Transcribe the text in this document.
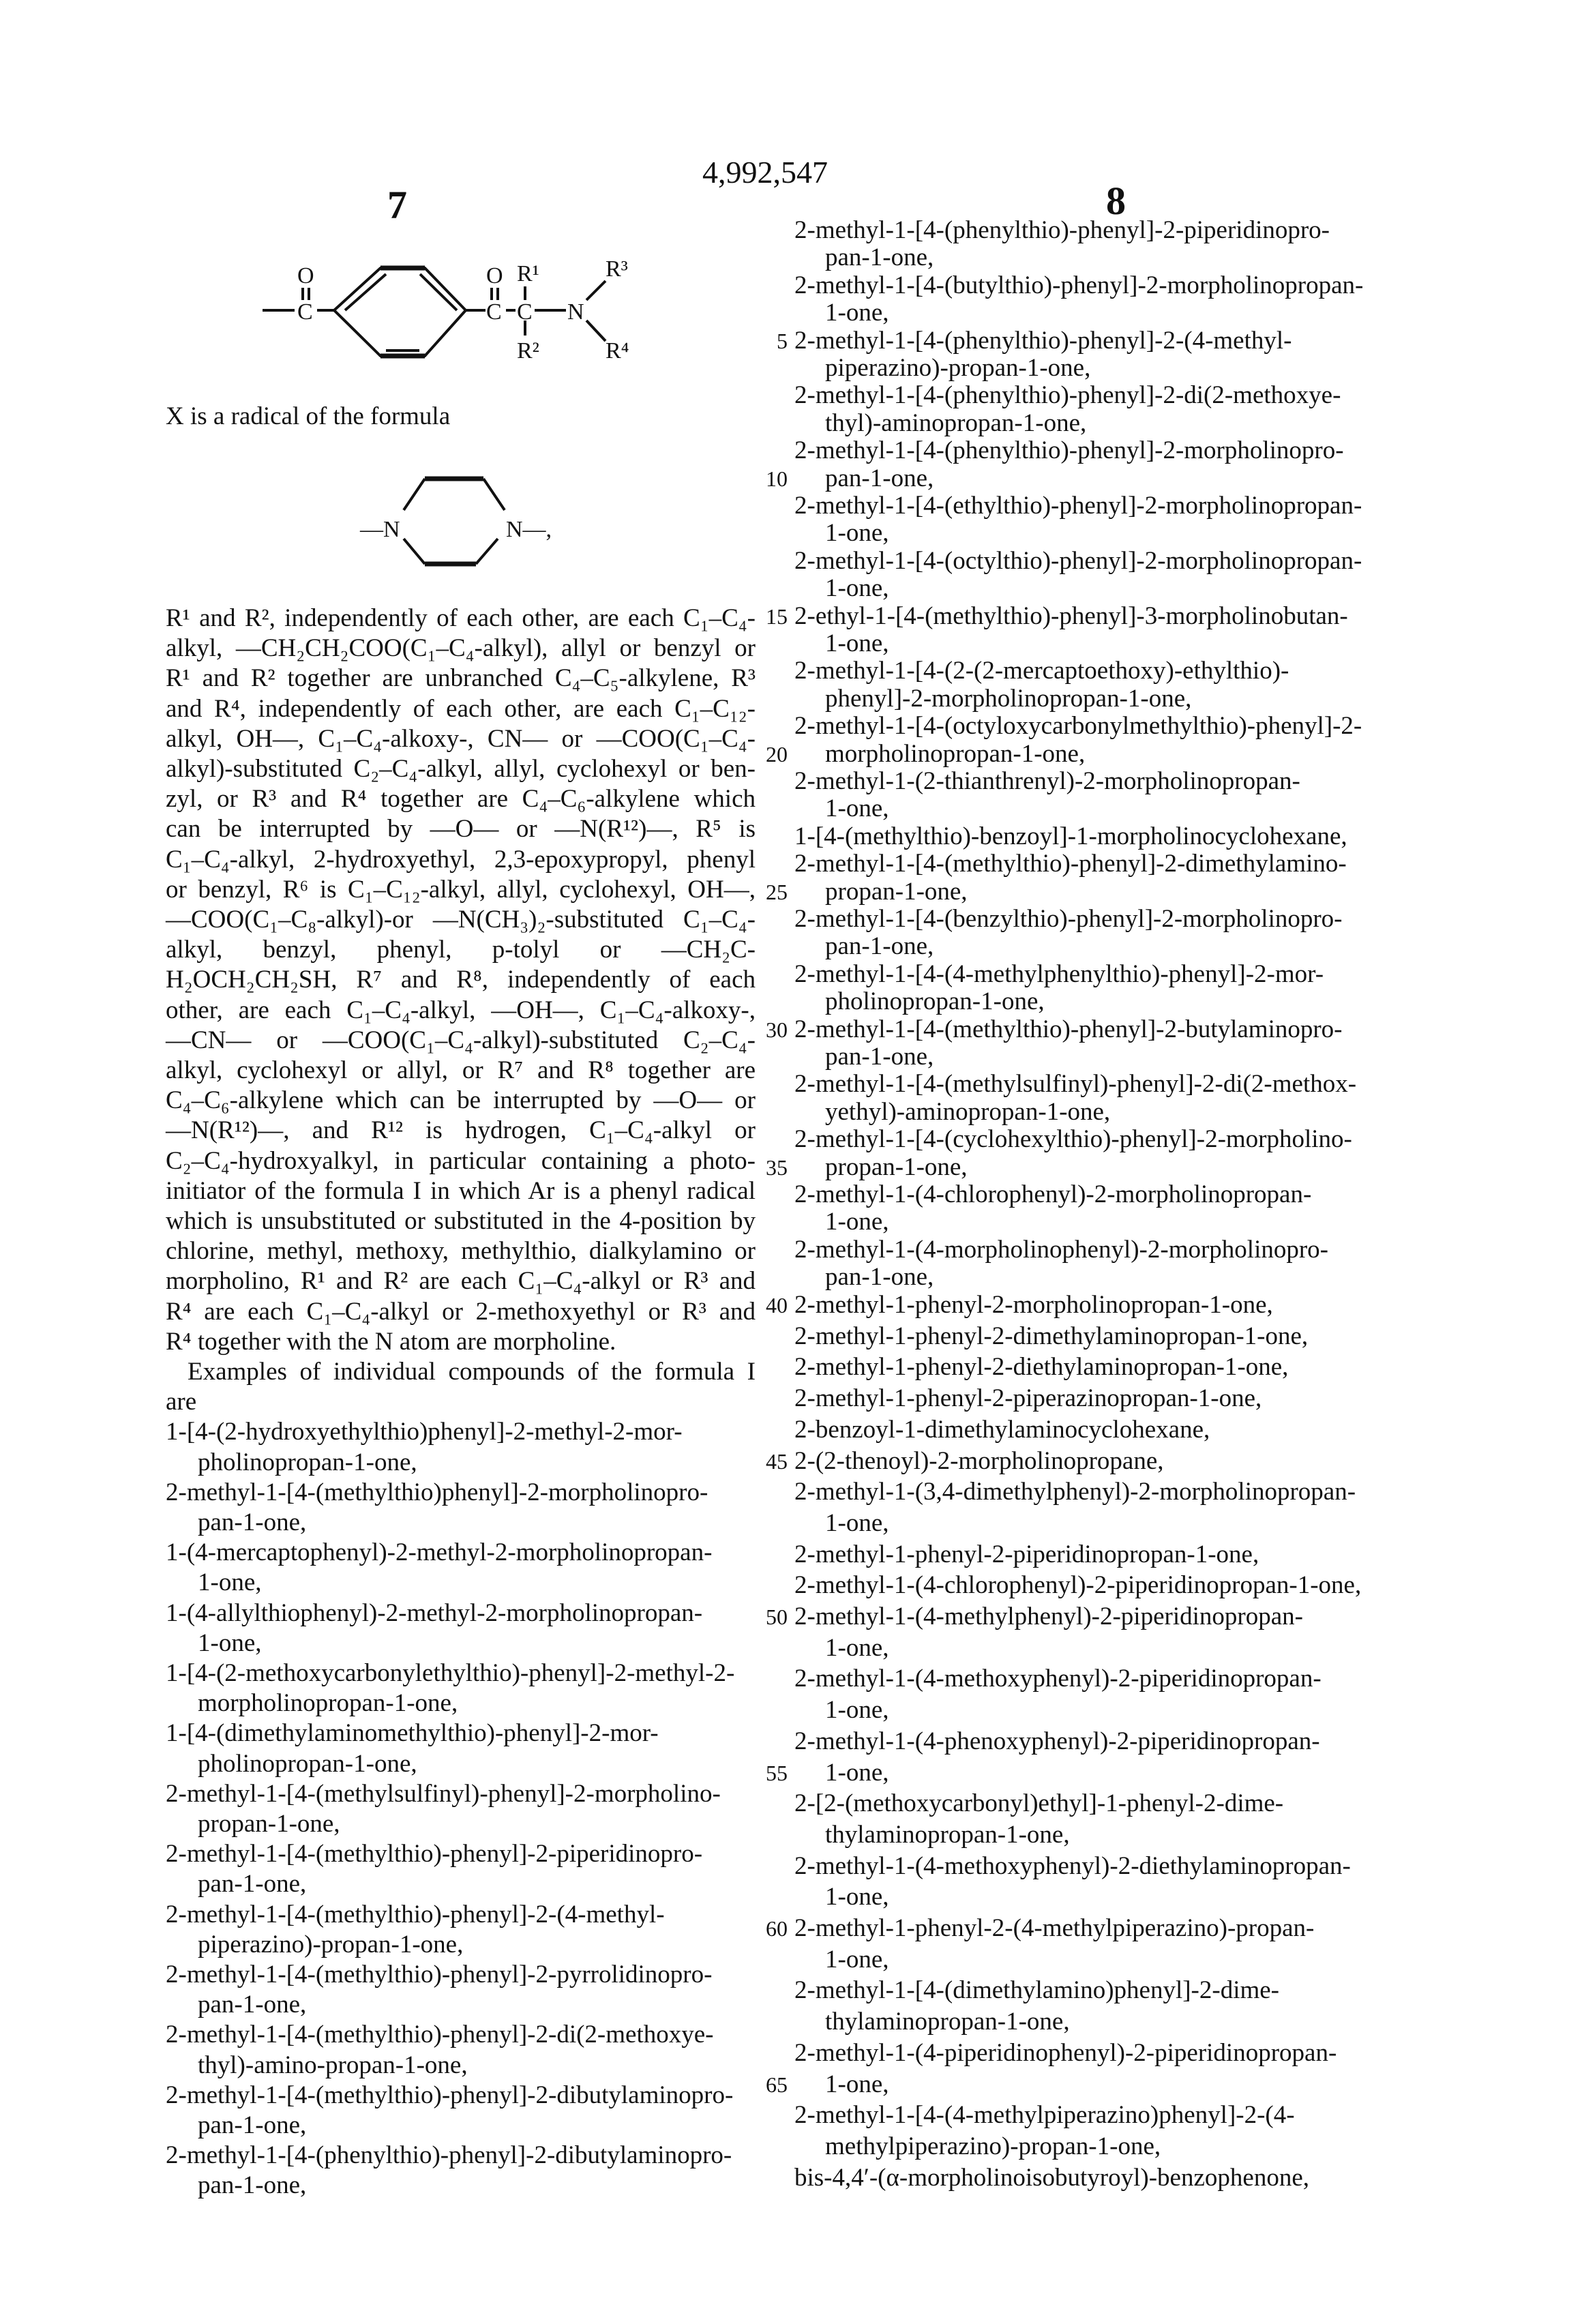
4,992,547
7	8
C
O
C
O
C
R¹
R²
N
R³
R⁴
—N	N—,
X is a radical of the formula
R¹ and R², independently of each other, are each C₁–C₄-
alkyl, —CH₂CH₂COO(C₁–C₄-alkyl), allyl or benzyl or
R¹ and R² together are unbranched C₄–C₅-alkylene, R³
and R⁴, independently of each other, are each C₁–C₁₂-
alkyl, OH—, C₁–C₄-alkoxy-, CN— or —COO(C₁–C₄-
alkyl)-substituted C₂–C₄-alkyl, allyl, cyclohexyl or ben-
zyl, or R³ and R⁴ together are C₄–C₆-alkylene which
can be interrupted by —O— or —N(R¹²)—, R⁵ is
C₁–C₄-alkyl, 2-hydroxyethyl, 2,3-epoxypropyl, phenyl
or benzyl, R⁶ is C₁–C₁₂-alkyl, allyl, cyclohexyl, OH—,
—COO(C₁–C₈-alkyl)-or —N(CH₃)₂-substituted C₁–C₄-
alkyl, benzyl, phenyl, p-tolyl or —CH₂C-
H₂OCH₂CH₂SH, R⁷ and R⁸, independently of each
other, are each C₁–C₄-alkyl, —OH—, C₁–C₄-alkoxy-,
—CN— or —COO(C₁–C₄-alkyl)-substituted C₂–C₄-
alkyl, cyclohexyl or allyl, or R⁷ and R⁸ together are
C₄–C₆-alkylene which can be interrupted by —O— or
—N(R¹²)—, and R¹² is hydrogen, C₁–C₄-alkyl or
C₂–C₄-hydroxyalkyl, in particular containing a photo-
initiator of the formula I in which Ar is a phenyl radical
which is unsubstituted or substituted in the 4-position by
chlorine, methyl, methoxy, methylthio, dialkylamino or
morpholino, R¹ and R² are each C₁–C₄-alkyl or R³ and
R⁴ are each C₁–C₄-alkyl or 2-methoxyethyl or R³ and
R⁴ together with the N atom are morpholine.
Examples of individual compounds of the formula I
are
1-[4-(2-hydroxyethylthio)phenyl]-2-methyl-2-mor-
pholinopropan-1-one,
2-methyl-1-[4-(methylthio)phenyl]-2-morpholinopro-
pan-1-one,
1-(4-mercaptophenyl)-2-methyl-2-morpholinopropan-
1-one,
1-(4-allylthiophenyl)-2-methyl-2-morpholinopropan-
1-one,
1-[4-(2-methoxycarbonylethylthio)-phenyl]-2-methyl-2-
morpholinopropan-1-one,
1-[4-(dimethylaminomethylthio)-phenyl]-2-mor-
pholinopropan-1-one,
2-methyl-1-[4-(methylsulfinyl)-phenyl]-2-morpholino-
propan-1-one,
2-methyl-1-[4-(methylthio)-phenyl]-2-piperidinopro-
pan-1-one,
2-methyl-1-[4-(methylthio)-phenyl]-2-(4-methyl-
piperazino)-propan-1-one,
2-methyl-1-[4-(methylthio)-phenyl]-2-pyrrolidinopro-
pan-1-one,
2-methyl-1-[4-(methylthio)-phenyl]-2-di(2-methoxye-
thyl)-amino-propan-1-one,
2-methyl-1-[4-(methylthio)-phenyl]-2-dibutylaminopro-
pan-1-one,
2-methyl-1-[4-(phenylthio)-phenyl]-2-dibutylaminopro-
pan-1-one,
2-methyl-1-[4-(phenylthio)-phenyl]-2-piperidinopro-
pan-1-one,
2-methyl-1-[4-(butylthio)-phenyl]-2-morpholinopropan-
1-one,
2-methyl-1-[4-(phenylthio)-phenyl]-2-(4-methyl-
piperazino)-propan-1-one,
2-methyl-1-[4-(phenylthio)-phenyl]-2-di(2-methoxye-
thyl)-aminopropan-1-one,
2-methyl-1-[4-(phenylthio)-phenyl]-2-morpholinopro-
pan-1-one,
2-methyl-1-[4-(ethylthio)-phenyl]-2-morpholinopropan-
1-one,
2-methyl-1-[4-(octylthio)-phenyl]-2-morpholinopropan-
1-one,
2-ethyl-1-[4-(methylthio)-phenyl]-3-morpholinobutan-
1-one,
2-methyl-1-[4-(2-(2-mercaptoethoxy)-ethylthio)-
phenyl]-2-morpholinopropan-1-one,
2-methyl-1-[4-(octyloxycarbonylmethylthio)-phenyl]-2-
morpholinopropan-1-one,
2-methyl-1-(2-thianthrenyl)-2-morpholinopropan-
1-one,
1-[4-(methylthio)-benzoyl]-1-morpholinocyclohexane,
2-methyl-1-[4-(methylthio)-phenyl]-2-dimethylamino-
propan-1-one,
2-methyl-1-[4-(benzylthio)-phenyl]-2-morpholinopro-
pan-1-one,
2-methyl-1-[4-(4-methylphenylthio)-phenyl]-2-mor-
pholinopropan-1-one,
2-methyl-1-[4-(methylthio)-phenyl]-2-butylaminopro-
pan-1-one,
2-methyl-1-[4-(methylsulfinyl)-phenyl]-2-di(2-methox-
yethyl)-aminopropan-1-one,
2-methyl-1-[4-(cyclohexylthio)-phenyl]-2-morpholino-
propan-1-one,
2-methyl-1-(4-chlorophenyl)-2-morpholinopropan-
1-one,
2-methyl-1-(4-morpholinophenyl)-2-morpholinopro-
pan-1-one,
2-methyl-1-phenyl-2-morpholinopropan-1-one,
2-methyl-1-phenyl-2-dimethylaminopropan-1-one,
2-methyl-1-phenyl-2-diethylaminopropan-1-one,
2-methyl-1-phenyl-2-piperazinopropan-1-one,
2-benzoyl-1-dimethylaminocyclohexane,
2-(2-thenoyl)-2-morpholinopropane,
2-methyl-1-(3,4-dimethylphenyl)-2-morpholinopropan-
1-one,
2-methyl-1-phenyl-2-piperidinopropan-1-one,
2-methyl-1-(4-chlorophenyl)-2-piperidinopropan-1-one,
2-methyl-1-(4-methylphenyl)-2-piperidinopropan-
1-one,
2-methyl-1-(4-methoxyphenyl)-2-piperidinopropan-
1-one,
2-methyl-1-(4-phenoxyphenyl)-2-piperidinopropan-
1-one,
2-[2-(methoxycarbonyl)ethyl]-1-phenyl-2-dime-
thylaminopropan-1-one,
2-methyl-1-(4-methoxyphenyl)-2-diethylaminopropan-
1-one,
2-methyl-1-phenyl-2-(4-methylpiperazino)-propan-
1-one,
2-methyl-1-[4-(dimethylamino)phenyl]-2-dime-
thylaminopropan-1-one,
2-methyl-1-(4-piperidinophenyl)-2-piperidinopropan-
1-one,
2-methyl-1-[4-(4-methylpiperazino)phenyl]-2-(4-
methylpiperazino)-propan-1-one,
bis-4,4′-(α-morpholinoisobutyroyl)-benzophenone,
5
10
15
20
25
30
35
40
45
50
55
60
65
